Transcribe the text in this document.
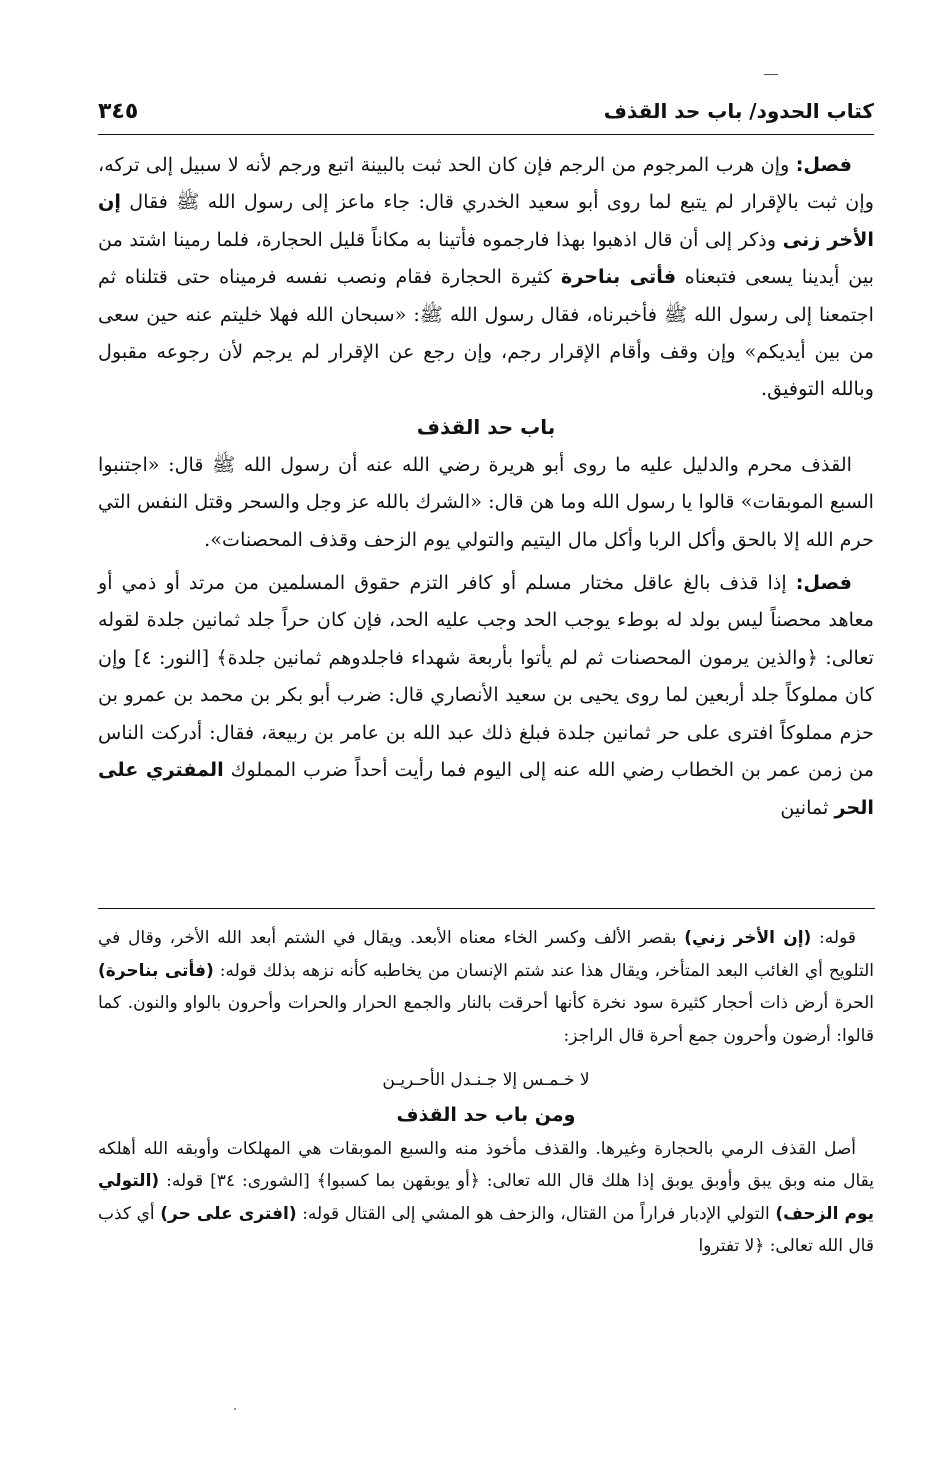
كتاب الحدود/ باب حد القذف
٣٤٥

فصل: وإن هرب المرجوم من الرجم فإن كان الحد ثبت بالبينة اتبع ورجم لأنه لا سبيل إلى تركه، وإن ثبت بالإقرار لم يتبع لما روى أبو سعيد الخدري قال: جاء ماعز إلى رسول الله ﷺ فقال إن الأخر زنى وذكر إلى أن قال اذهبوا بهذا فارجموه فأتينا به مكاناً قليل الحجارة، فلما رمينا اشتد من بين أيدينا يسعى فتبعناه فأتى بناحرة كثيرة الحجارة فقام ونصب نفسه فرميناه حتى قتلناه ثم اجتمعنا إلى رسول الله ﷺ فأخبرناه، فقال رسول الله ﷺ: «سبحان الله فهلا خليتم عنه حين سعى من بين أيديكم» وإن وقف وأقام الإقرار رجم، وإن رجع عن الإقرار لم يرجم لأن رجوعه مقبول وبالله التوفيق.

باب حد القذف

القذف محرم والدليل عليه ما روى أبو هريرة رضي الله عنه أن رسول الله ﷺ قال: «اجتنبوا السبع الموبقات» قالوا يا رسول الله وما هن قال: «الشرك بالله عز وجل والسحر وقتل النفس التي حرم الله إلا بالحق وأكل الربا وأكل مال اليتيم والتولي يوم الزحف وقذف المحصنات».

فصل: إذا قذف بالغ عاقل مختار مسلم أو كافر التزم حقوق المسلمين من مرتد أو ذمي أو معاهد محصناً ليس بولد له بوطء يوجب الحد وجب عليه الحد، فإن كان حراً جلد ثمانين جلدة لقوله تعالى: ﴿والذين يرمون المحصنات ثم لم يأتوا بأربعة شهداء فاجلدوهم ثمانين جلدة﴾ [النور: ٤] وإن كان مملوكاً جلد أربعين لما روى يحيى بن سعيد الأنصاري قال: ضرب أبو بكر بن محمد بن عمرو بن حزم مملوكاً افترى على حر ثمانين جلدة فبلغ ذلك عبد الله بن عامر بن ربيعة، فقال: أدركت الناس من زمن عمر بن الخطاب رضي الله عنه إلى اليوم فما رأيت أحداً ضرب المملوك المفتري على الحر ثمانين

قوله: (إن الأخر زني) بقصر الألف وكسر الخاء معناه الأبعد. ويقال في الشتم أبعد الله الأخر، وقال في التلويح أي الغائب البعد المتأخر، ويقال هذا عند شتم الإنسان من يخاطبه كأنه نزهه بذلك قوله: (فأتى بناحرة) الحرة أرض ذات أحجار كثيرة سود نخرة كأنها أحرقت بالنار والجمع الحرار والحرات وأحرون بالواو والنون. كما قالوا: أرضون وأحرون جمع أحرة قال الراجز:

لا خـمـس إلا جـنـدل الأحـريـن

ومن باب حد القذف

أصل القذف الرمي بالحجارة وغيرها. والقذف مأخوذ منه والسبع الموبقات هي المهلكات وأوبقه الله أهلكه يقال منه وبق يبق وأوبق يوبق إذا هلك قال الله تعالى: ﴿أو يوبقهن بما كسبوا﴾ [الشورى: ٣٤] قوله: (التولي يوم الزحف) التولي الإدبار فراراً من القتال، والزحف هو المشي إلى القتال قوله: (افترى على حر) أي كذب قال الله تعالى: ﴿لا تفتروا
